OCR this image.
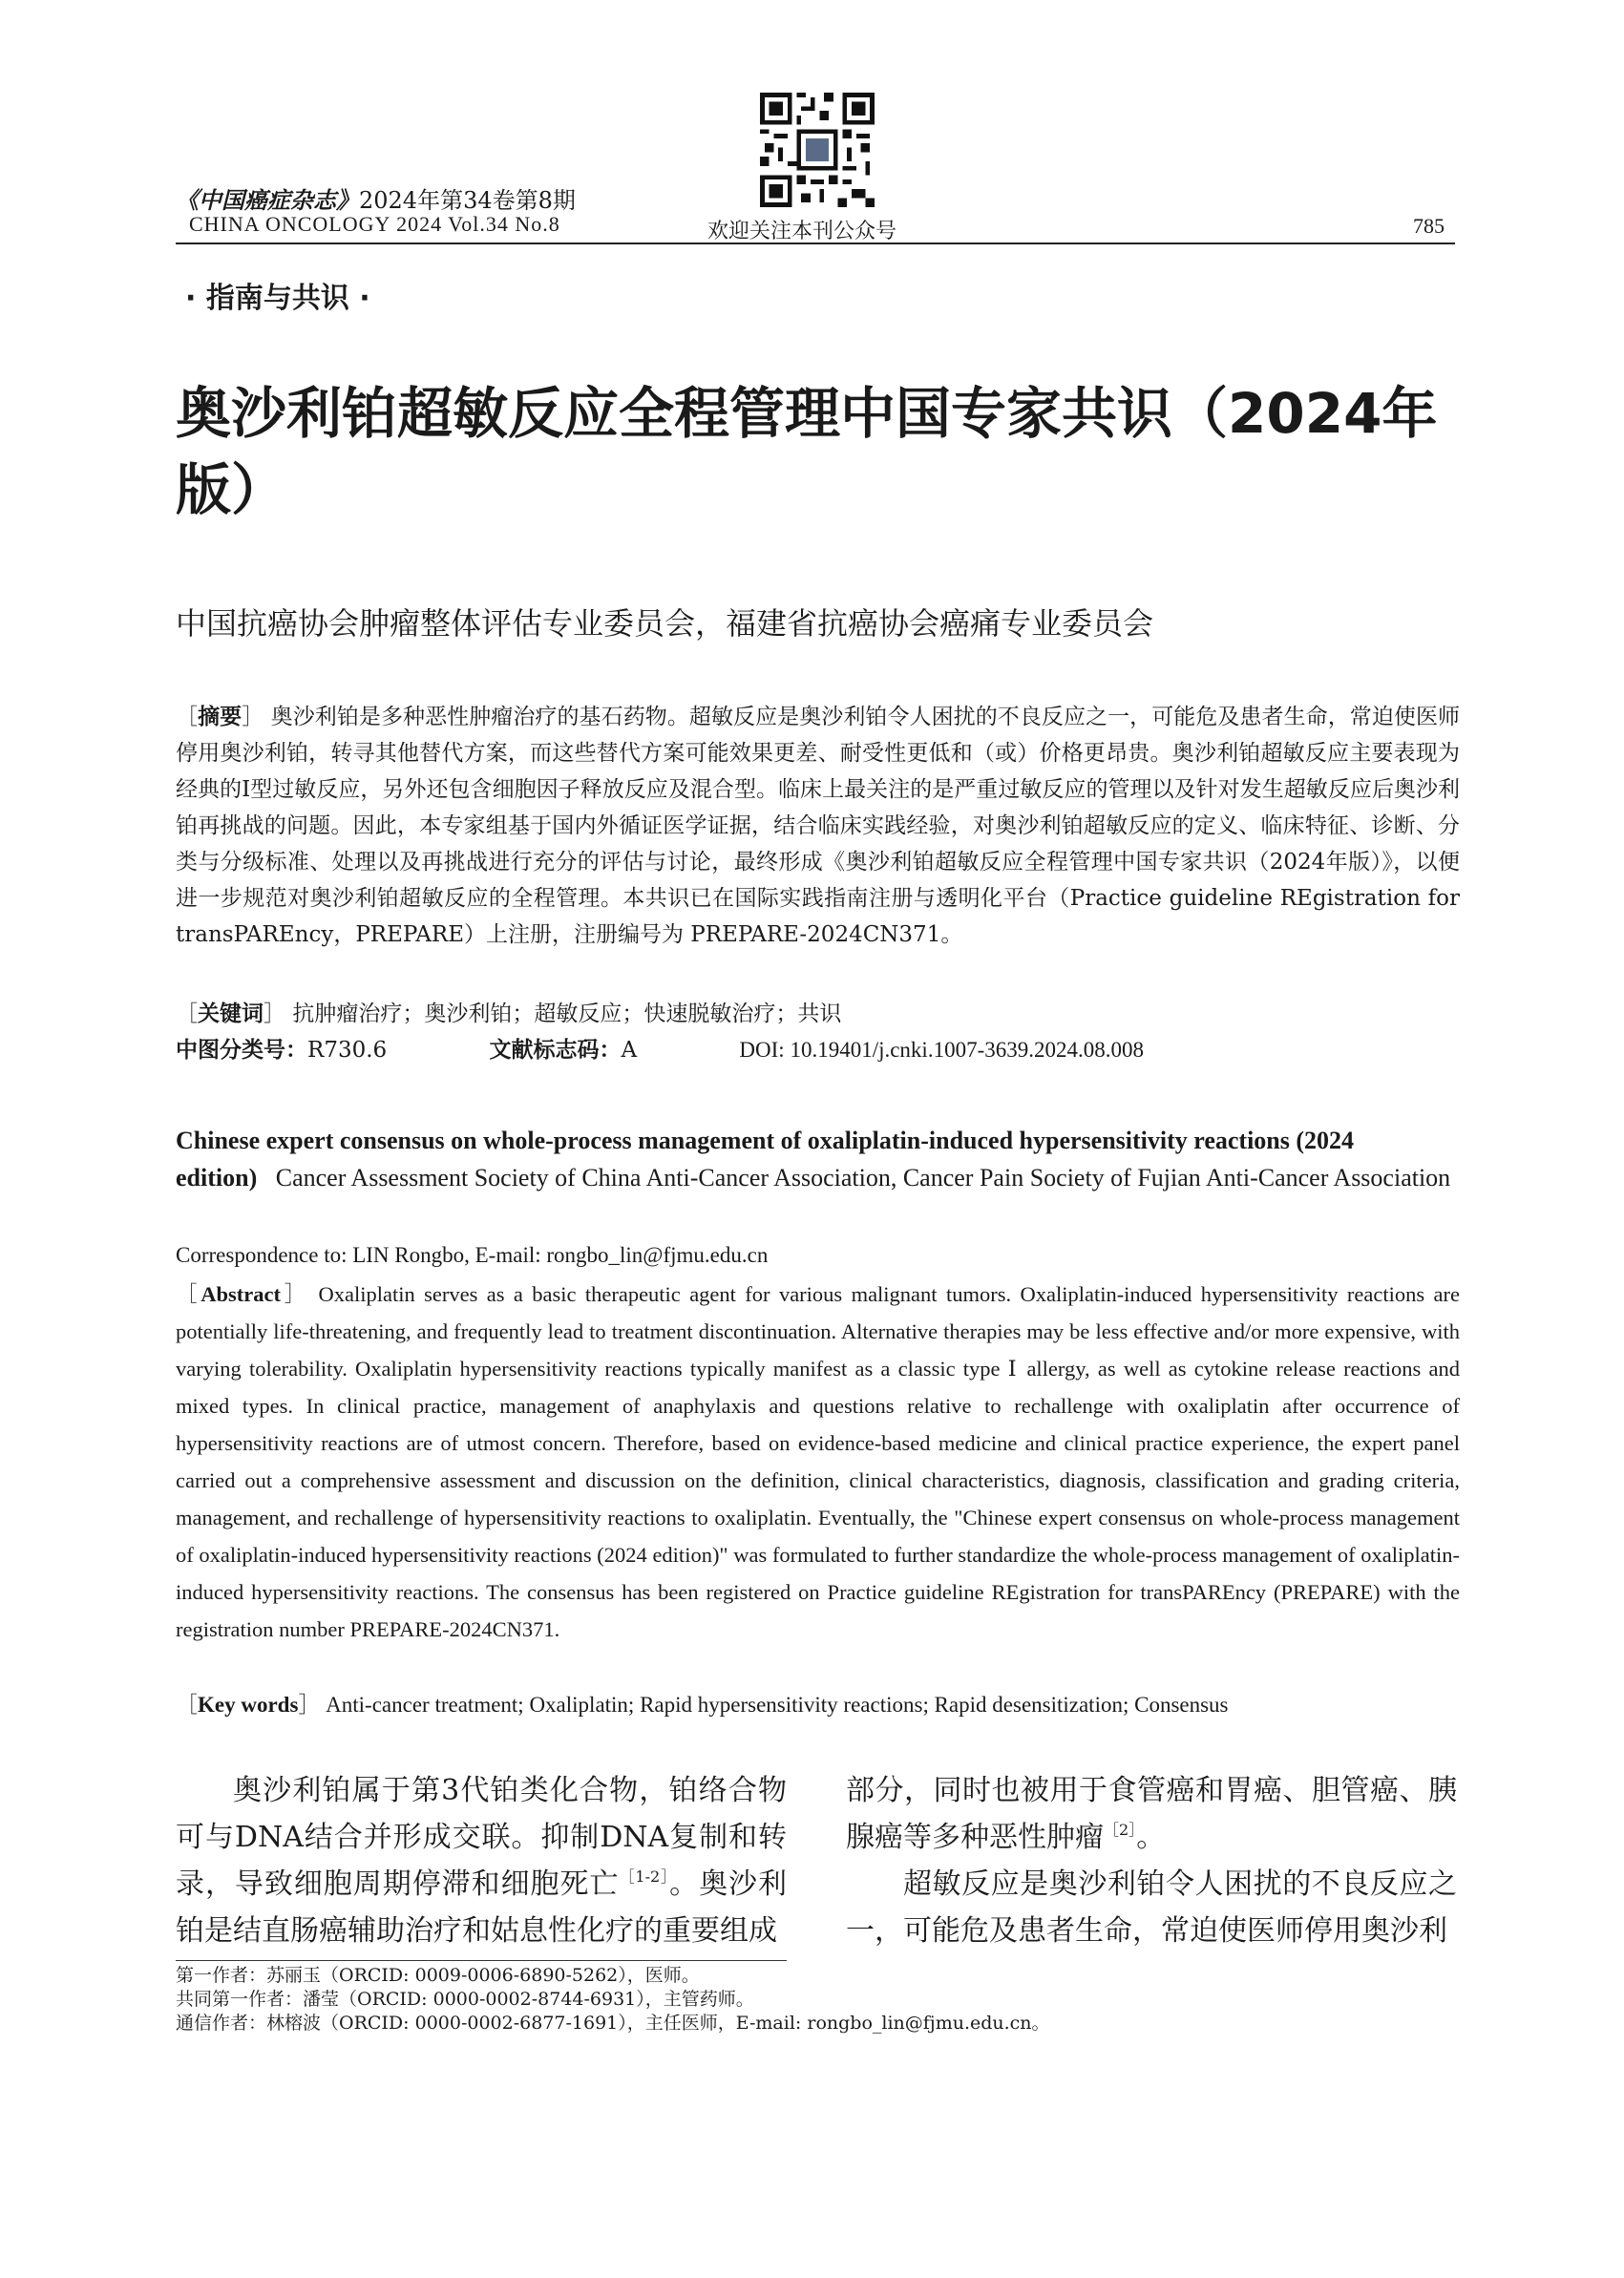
《中国癌症杂志》2024年第34卷第8期
CHINA ONCOLOGY 2024 Vol.34 No.8	欢迎关注本刊公众号	785
· 指南与共识 ·
奥沙利铂超敏反应全程管理中国专家共识（2024年版）
中国抗癌协会肿瘤整体评估专业委员会，福建省抗癌协会癌痛专业委员会
［摘要］ 奥沙利铂是多种恶性肿瘤治疗的基石药物。超敏反应是奥沙利铂令人困扰的不良反应之一，可能危及患者生命，常迫使医师停用奥沙利铂，转寻其他替代方案，而这些替代方案可能效果更差、耐受性更低和（或）价格更昂贵。奥沙利铂超敏反应主要表现为经典的Ⅰ型过敏反应，另外还包含细胞因子释放反应及混合型。临床上最关注的是严重过敏反应的管理以及针对发生超敏反应后奥沙利铂再挑战的问题。因此，本专家组基于国内外循证医学证据，结合临床实践经验，对奥沙利铂超敏反应的定义、临床特征、诊断、分类与分级标准、处理以及再挑战进行充分的评估与讨论，最终形成《奥沙利铂超敏反应全程管理中国专家共识（2024年版）》，以便进一步规范对奥沙利铂超敏反应的全程管理。本共识已在国际实践指南注册与透明化平台（Practice guideline REgistration for transPAREncy，PREPARE）上注册，注册编号为 PREPARE-2024CN371。
［关键词］ 抗肿瘤治疗；奥沙利铂；超敏反应；快速脱敏治疗；共识
中图分类号：R730.6	文献标志码：A	DOI: 10.19401/j.cnki.1007-3639.2024.08.008
Chinese expert consensus on whole-process management of oxaliplatin-induced hypersensitivity reactions (2024 edition) Cancer Assessment Society of China Anti-Cancer Association, Cancer Pain Society of Fujian Anti-Cancer Association
Correspondence to: LIN Rongbo, E-mail: rongbo_lin@fjmu.edu.cn
［Abstract］ Oxaliplatin serves as a basic therapeutic agent for various malignant tumors. Oxaliplatin-induced hypersensitivity reactions are potentially life-threatening, and frequently lead to treatment discontinuation. Alternative therapies may be less effective and/or more expensive, with varying tolerability. Oxaliplatin hypersensitivity reactions typically manifest as a classic type Ⅰ allergy, as well as cytokine release reactions and mixed types. In clinical practice, management of anaphylaxis and questions relative to rechallenge with oxaliplatin after occurrence of hypersensitivity reactions are of utmost concern. Therefore, based on evidence-based medicine and clinical practice experience, the expert panel carried out a comprehensive assessment and discussion on the definition, clinical characteristics, diagnosis, classification and grading criteria, management, and rechallenge of hypersensitivity reactions to oxaliplatin. Eventually, the "Chinese expert consensus on whole-process management of oxaliplatin-induced hypersensitivity reactions (2024 edition)" was formulated to further standardize the whole-process management of oxaliplatin-induced hypersensitivity reactions. The consensus has been registered on Practice guideline REgistration for transPAREncy (PREPARE) with the registration number PREPARE-2024CN371.
［Key words］ Anti-cancer treatment; Oxaliplatin; Rapid hypersensitivity reactions; Rapid desensitization; Consensus

奥沙利铂属于第3代铂类化合物，铂络合物可与DNA结合并形成交联。抑制DNA复制和转录，导致细胞周期停滞和细胞死亡$^{[1-2]}$。奥沙利铂是结直肠癌辅助治疗和姑息性化疗的重要组成

部分，同时也被用于食管癌和胃癌、胆管癌、胰腺癌等多种恶性肿瘤$^{[2]}$。

超敏反应是奥沙利铂令人困扰的不良反应之一，可能危及患者生命，常迫使医师停用奥沙利

第一作者：苏丽玉（ORCID: 0009-0006-6890-5262），医师。
共同第一作者：潘莹（ORCID: 0000-0002-8744-6931），主管药师。
通信作者：林榕波（ORCID: 0000-0002-6877-1691），主任医师，E-mail: rongbo_lin@fjmu.edu.cn。
